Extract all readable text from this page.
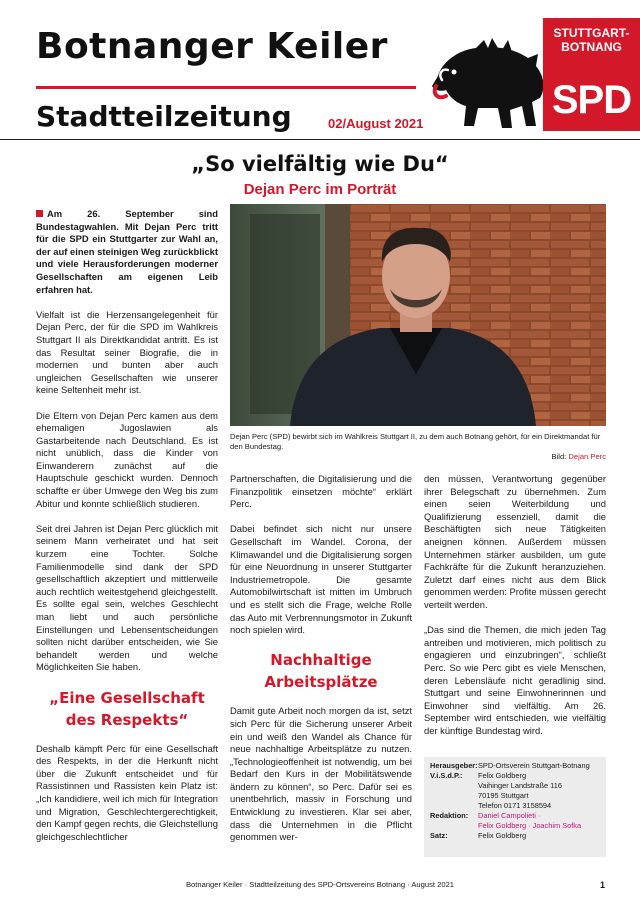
Botnanger Keiler
Stadtteilzeitung	02/August 2021
STUTTGART-
BOTNANG
SPD
„So vielfältig wie Du“
Dejan Perc im Porträt

Am 26. September sind Bundestagwahlen. Mit Dejan Perc tritt für die SPD ein Stuttgarter zur Wahl an, der auf einen steinigen Weg zurückblickt und viele Herausforderungen moderner Gesellschaften am eigenen Leib erfahren hat.

Vielfalt ist die Herzensangelegenheit für Dejan Perc, der für die SPD im Wahlkreis Stuttgart II als Direktkandidat antritt. Es ist das Resultat seiner Biografie, die in modernen und bunten aber auch ungleichen Gesellschaften wie unserer keine Seltenheit mehr ist.

Die Eltern von Dejan Perc kamen aus dem ehemaligen Jugoslawien als Gastarbeitende nach Deutschland. Es ist nicht unüblich, dass die Kinder von Einwanderern zunächst auf die Hauptschule geschickt wurden. Dennoch schaffte er über Umwege den Weg bis zum Abitur und konnte schließlich studieren.

Seit drei Jahren ist Dejan Perc glücklich mit seinem Mann verheiratet und hat seit kurzem eine Tochter. Solche Familienmodelle sind dank der SPD gesellschaftlich akzeptiert und mittlerweile auch rechtlich weitestgehend gleichgestellt. Es sollte egal sein, welches Geschlecht man liebt und auch persönliche Einstellungen und Lebensentscheidungen sollten nicht darüber entscheiden, wie Sie behandelt werden und welche Möglichkeiten Sie haben.

„Eine Gesellschaft des Respekts“

Deshalb kämpft Perc für eine Gesellschaft des Respekts, in der die Herkunft nicht über die Zukunft entscheidet und für Rassistinnen und Rassisten kein Platz ist: „Ich kandidiere, weil ich mich für Integration und Migration, Geschlechtergerechtigkeit, den Kampf gegen rechts, die Gleichstellung gleichgeschlechtlicher

Dejan Perc (SPD) bewirbt sich im Wahlkreis Stuttgart II, zu dem auch Botnang gehört, für ein Direktmandat für den Bundestag.
Bild: Dejan Perc

Partnerschaften, die Digitalisierung und die Finanzpolitik einsetzen möchte“ erklärt Perc.

Dabei befindet sich nicht nur unsere Gesellschaft im Wandel. Corona, der Klimawandel und die Digitalisierung sorgen für eine Neuordnung in unserer Stuttgarter Industriemetropole. Die gesamte Automobilwirtschaft ist mitten im Umbruch und es stellt sich die Frage, welche Rolle das Auto mit Verbrennungsmotor in Zukunft noch spielen wird.

Nachhaltige Arbeitsplätze

Damit gute Arbeit noch morgen da ist, setzt sich Perc für die Sicherung unserer Arbeit ein und weiß den Wandel als Chance für neue nachhaltige Arbeitsplätze zu nutzen. „Technologieoffenheit ist notwendig, um bei Bedarf den Kurs in der Mobilitätswende ändern zu können“, so Perc. Dafür sei es unentbehrlich, massiv in Forschung und Entwicklung zu investieren. Klar sei aber, dass die Unternehmen in die Pflicht genommen wer-

den müssen, Verantwortung gegenüber ihrer Belegschaft zu übernehmen. Zum einen seien Weiterbildung und Qualifizierung essenziell, damit die Beschäftigten sich neue Tätigkeiten aneignen können. Außerdem müssen Unternehmen stärker ausbilden, um gute Fachkräfte für die Zukunft heranzuziehen. Zuletzt darf eines nicht aus dem Blick genommen werden: Profite müssen gerecht verteilt werden.

„Das sind die Themen, die mich jeden Tag antreiben und motivieren, mich politisch zu engagieren und einzubringen“, schließt Perc. So wie Perc gibt es viele Menschen, deren Lebensläufe nicht geradlinig sind. Stuttgart und seine Einwohnerinnen und Einwohner sind vielfältig. Am 26. September wird entschieden, wie vielfältig der künftige Bundestag wird.

Herausgeber: SPD-Ortsverein Stuttgart-Botnang
V.i.S.d.P.:	Felix Goldberg
Vaihinger Landstraße 116
70195 Stuttgart
Telefon 0171 3158594
Redaktion:	Daniel Campolieti ·
Felix Goldberg · Joachim Sofka
Satz:	Felix Goldberg
Botnanger Keiler · Stadtteilzeitung des SPD-Ortsvereins Botnang · August 2021	1
